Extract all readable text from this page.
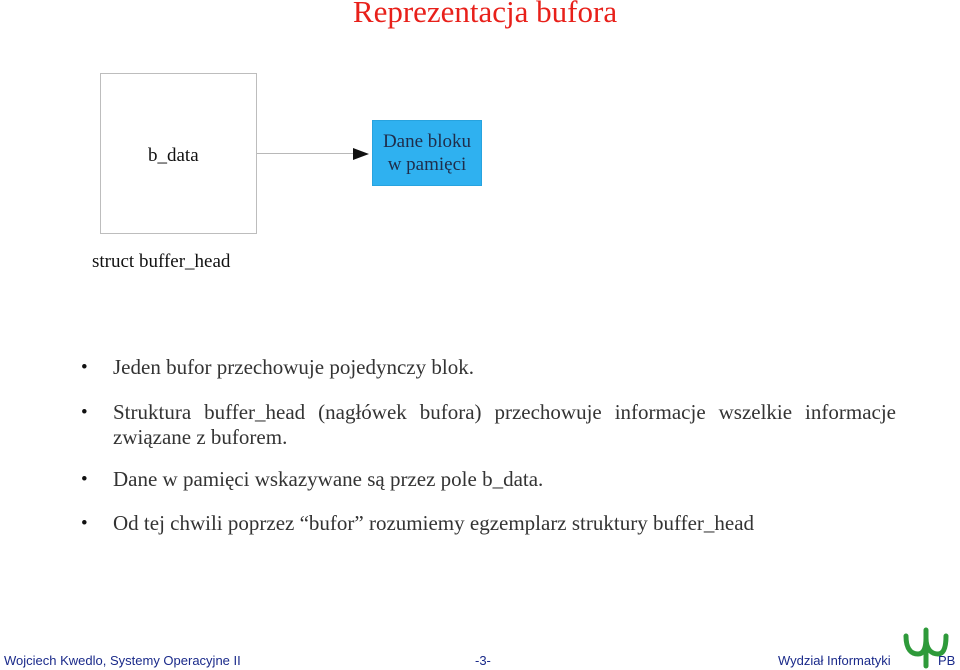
Reprezentacja bufora
b_data
Dane bloku
w pamięci
struct buffer_head
• Jeden bufor przechowuje pojedynczy blok.
• Struktura buffer_head (nagłówek bufora) przechowuje informacje wszelkie informacje związane z buforem.
• Dane w pamięci wskazywane są przez pole b_data.
• Od tej chwili poprzez “bufor” rozumiemy egzemplarz struktury buffer_head
Wojciech Kwedlo, Systemy Operacyjne II	-3-	Wydział Informatyki	PB
